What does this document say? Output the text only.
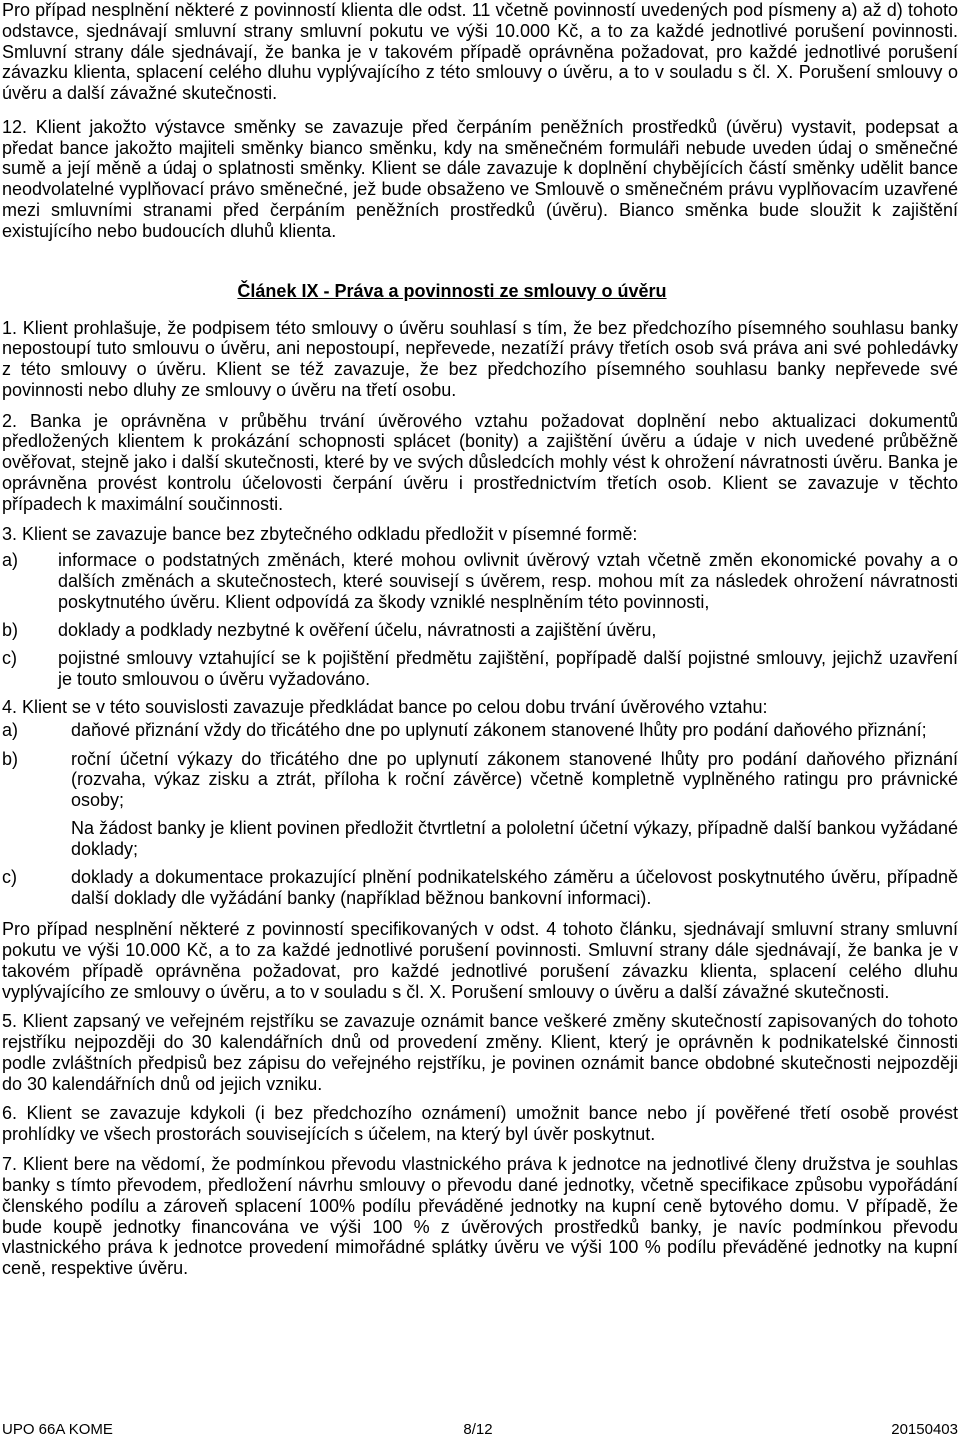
Pro případ nesplnění některé z povinností klienta dle odst. 11 včetně povinností uvedených pod písmeny a) až d) tohoto odstavce, sjednávají smluvní strany smluvní pokutu ve výši 10.000 Kč, a to za každé jednotlivé porušení povinnosti. Smluvní strany dále sjednávají, že banka je v takovém případě oprávněna požadovat, pro každé jednotlivé porušení závazku klienta, splacení celého dluhu vyplývajícího z této smlouvy o úvěru, a to v souladu s čl. X. Porušení smlouvy o úvěru a další závažné skutečnosti.

12. Klient jakožto výstavce směnky se zavazuje před čerpáním peněžních prostředků (úvěru) vystavit, podepsat a předat bance jakožto majiteli směnky bianco směnku, kdy na směnečném formuláři nebude uveden údaj o směnečné sumě a její měně a údaj o splatnosti směnky. Klient se dále zavazuje k doplnění chybějících částí směnky udělit bance neodvolatelné vyplňovací právo směnečné, jež bude obsaženo ve Smlouvě o směnečném právu vyplňovacím uzavřené mezi smluvními stranami před čerpáním peněžních prostředků (úvěru). Bianco směnka bude sloužit k zajištění existujícího nebo budoucích dluhů klienta.

Článek IX - Práva a povinnosti ze smlouvy o úvěru

1. Klient prohlašuje, že podpisem této smlouvy o úvěru souhlasí s tím, že bez předchozího písemného souhlasu banky nepostoupí tuto smlouvu o úvěru, ani nepostoupí, nepřevede, nezatíží právy třetích osob svá práva ani své pohledávky z této smlouvy o úvěru. Klient se též zavazuje, že bez předchozího písemného souhlasu banky nepřevede své povinnosti nebo dluhy ze smlouvy o úvěru na třetí osobu.

2. Banka je oprávněna v průběhu trvání úvěrového vztahu požadovat doplnění nebo aktualizaci dokumentů předložených klientem k prokázání schopnosti splácet (bonity) a zajištění úvěru a údaje v nich uvedené průběžně ověřovat, stejně jako i další skutečnosti, které by ve svých důsledcích mohly vést k ohrožení návratnosti úvěru. Banka je oprávněna provést kontrolu účelovosti čerpání úvěru i prostřednictvím třetích osob. Klient se zavazuje v těchto případech k maximální součinnosti.

3. Klient se zavazuje bance bez zbytečného odkladu předložit v písemné formě:

a)	informace o podstatných změnách, které mohou ovlivnit úvěrový vztah včetně změn ekonomické povahy a o dalších změnách a skutečnostech, které souvisejí s úvěrem, resp. mohou mít za následek ohrožení návratnosti poskytnutého úvěru. Klient odpovídá za škody vzniklé nesplněním této povinnosti,
b)	doklady a podklady nezbytné k ověření účelu, návratnosti a zajištění úvěru,
c)	pojistné smlouvy vztahující se k pojištění předmětu zajištění, popřípadě další pojistné smlouvy, jejichž uzavření je touto smlouvou o úvěru vyžadováno.

4. Klient se v této souvislosti zavazuje předkládat bance po celou dobu trvání úvěrového vztahu:

a)	daňové přiznání vždy do třicátého dne po uplynutí zákonem stanovené lhůty pro podání daňového přiznání;
b)	roční účetní výkazy do třicátého dne po uplynutí zákonem stanovené lhůty pro podání daňového přiznání (rozvaha, výkaz zisku a ztrát, příloha k roční závěrce) včetně kompletně vyplněného ratingu pro právnické osoby;

Na žádost banky je klient povinen předložit čtvrtletní a pololetní účetní výkazy, případně další bankou vyžádané doklady;

c)	doklady a dokumentace prokazující plnění podnikatelského záměru a účelovost poskytnutého úvěru, případně další doklady dle vyžádání banky (například běžnou bankovní informaci).

Pro případ nesplnění některé z povinností specifikovaných v odst. 4 tohoto článku, sjednávají smluvní strany smluvní pokutu ve výši 10.000 Kč, a to za každé jednotlivé porušení povinnosti. Smluvní strany dále sjednávají, že banka je v takovém případě oprávněna požadovat, pro každé jednotlivé porušení závazku klienta, splacení celého dluhu vyplývajícího ze smlouvy o úvěru, a to v souladu s čl. X. Porušení smlouvy o úvěru a další závažné skutečnosti.

5. Klient zapsaný ve veřejném rejstříku se zavazuje oznámit bance veškeré změny skutečností zapisovaných do tohoto rejstříku nejpozději do 30 kalendářních dnů od provedení změny. Klient, který je oprávněn k podnikatelské činnosti podle zvláštních předpisů bez zápisu do veřejného rejstříku, je povinen oznámit bance obdobné skutečnosti nejpozději do 30 kalendářních dnů od jejich vzniku.

6. Klient se zavazuje kdykoli (i bez předchozího oznámení) umožnit bance nebo jí pověřené třetí osobě provést prohlídky ve všech prostorách souvisejících s účelem, na který byl úvěr poskytnut.

7. Klient bere na vědomí, že podmínkou převodu vlastnického práva k jednotce na jednotlivé členy družstva je souhlas banky s tímto převodem, předložení návrhu smlouvy o převodu dané jednotky, včetně specifikace způsobu vypořádání členského podílu a zároveň splacení 100% podílu převáděné jednotky na kupní ceně bytového domu. V případě, že bude koupě jednotky financována ve výši 100 % z úvěrových prostředků banky, je navíc podmínkou převodu vlastnického práva k jednotce provedení mimořádné splátky úvěru ve výši 100 % podílu převáděné jednotky na kupní ceně, respektive úvěru.

UPO 66A KOME	8/12	20150403
